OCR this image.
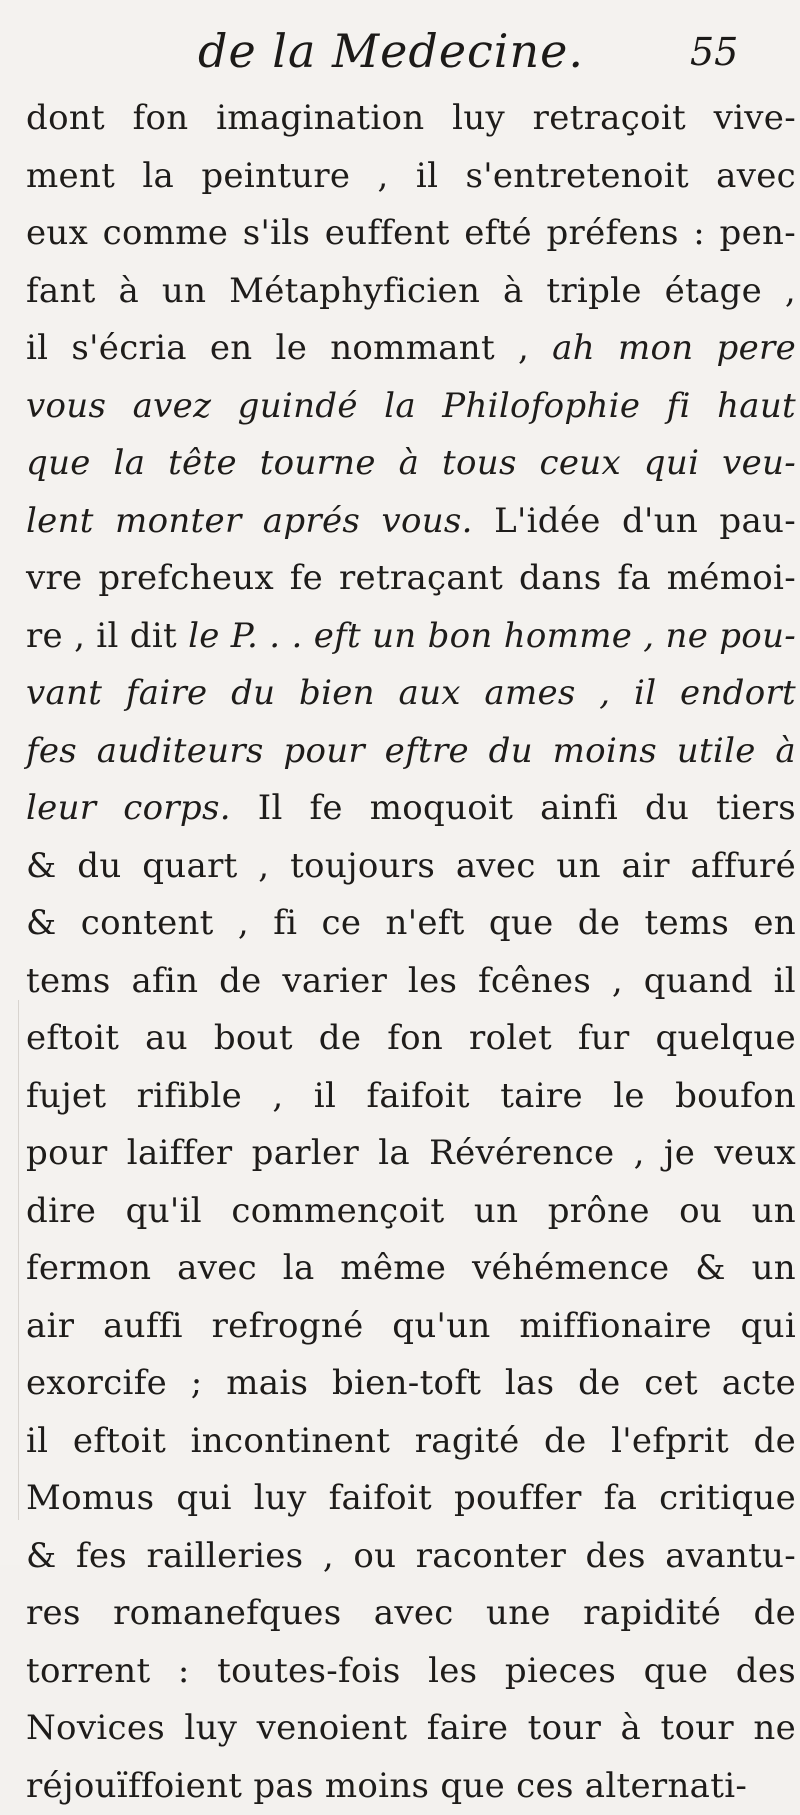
de la Medecine.	55
dont fon imagination luy retraçoit vive-
ment la peinture , il s'entretenoit avec
eux comme s'ils euffent efté préfens : pen-
fant à un Métaphyficien à triple étage ,
il s'écria en le nommant , ah mon pere
vous avez guindé la Philofophie fi haut
que la tête tourne à tous ceux qui veu-
lent monter aprés vous. L'idée d'un pau-
vre prefcheux fe retraçant dans fa mémoi-
re , il dit le P. . . eft un bon homme , ne pou-
vant faire du bien aux ames , il endort
fes auditeurs pour eftre du moins utile à
leur corps. Il fe moquoit ainfi du tiers
& du quart , toujours avec un air affuré
& content , fi ce n'eft que de tems en
tems afin de varier les fcênes , quand il
eftoit au bout de fon rolet fur quelque
fujet rifible , il faifoit taire le boufon
pour laiffer parler la Révérence , je veux
dire qu'il commençoit un prône ou un
fermon avec la même véhémence & un
air auffi refrogné qu'un miffionaire qui
exorcife ; mais bien-toft las de cet acte
il eftoit incontinent ragité de l'efprit de
Momus qui luy faifoit pouffer fa critique
& fes railleries , ou raconter des avantu-
res romanefques avec une rapidité de
torrent : toutes-fois les pieces que des
Novices luy venoient faire tour à tour ne
réjouïffoient pas moins que ces alternati-
